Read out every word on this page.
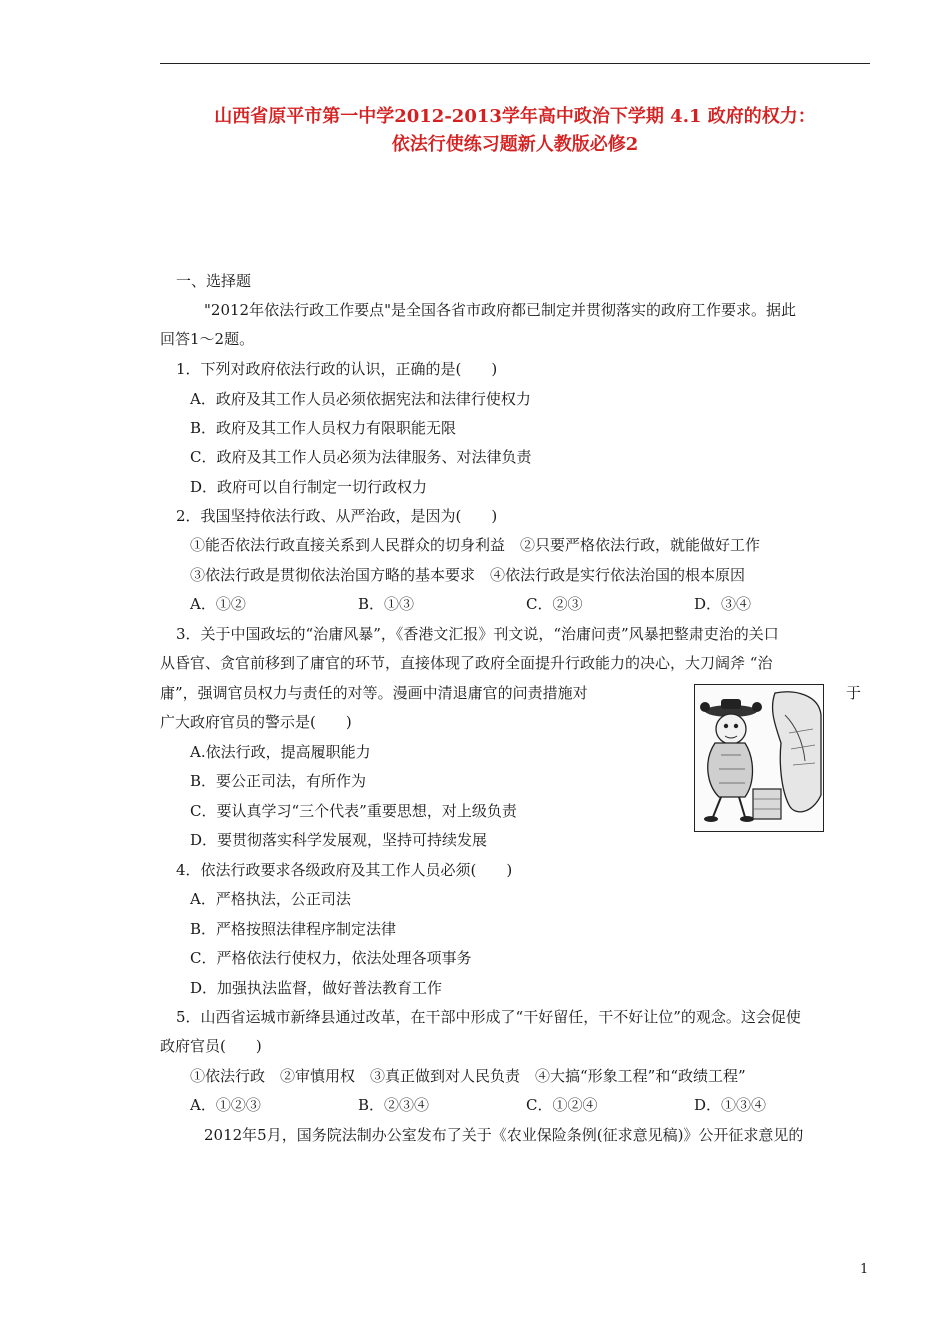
山西省原平市第一中学2012-2013学年高中政治下学期 4.1 政府的权力：
依法行使练习题新人教版必修2
一、选择题
"2012年依法行政工作要点"是全国各省市政府都已制定并贯彻落实的政府工作要求。据此
回答1～2题。
1．下列对政府依法行政的认识，正确的是(　　)
A．政府及其工作人员必须依据宪法和法律行使权力
B．政府及其工作人员权力有限职能无限
C．政府及其工作人员必须为法律服务、对法律负责
D．政府可以自行制定一切行政权力
2．我国坚持依法行政、从严治政，是因为(　　)
①能否依法行政直接关系到人民群众的切身利益　②只要严格依法行政，就能做好工作
③依法行政是贯彻依法治国方略的基本要求　④依法行政是实行依法治国的根本原因
A．①②	B．①③	C．②③	D．③④
3．关于中国政坛的“治庸风暴”，《香港文汇报》刊文说，“治庸问责”风暴把整肃吏治的关口
从昏官、贪官前移到了庸官的环节，直接体现了政府全面提升行政能力的决心，大刀阔斧 “治
庸”，强调官员权力与责任的对等。漫画中清退庸官的问责措施对	于
广大政府官员的警示是(　　)
A.依法行政，提高履职能力
B．要公正司法，有所作为
C．要认真学习“三个代表”重要思想，对上级负责
D．要贯彻落实科学发展观，坚持可持续发展
4．依法行政要求各级政府及其工作人员必须(　　)
A．严格执法，公正司法
B．严格按照法律程序制定法律
C．严格依法行使权力，依法处理各项事务
D．加强执法监督，做好普法教育工作
5．山西省运城市新绛县通过改革，在干部中形成了“干好留任，干不好让位”的观念。这会促使
政府官员(　　)
①依法行政　②审慎用权　③真正做到对人民负责　④大搞“形象工程”和“政绩工程”
A．①②③	B．②③④	C．①②④	D．①③④
2012年5月，国务院法制办公室发布了关于《农业保险条例(征求意见稿)》公开征求意见的
1
